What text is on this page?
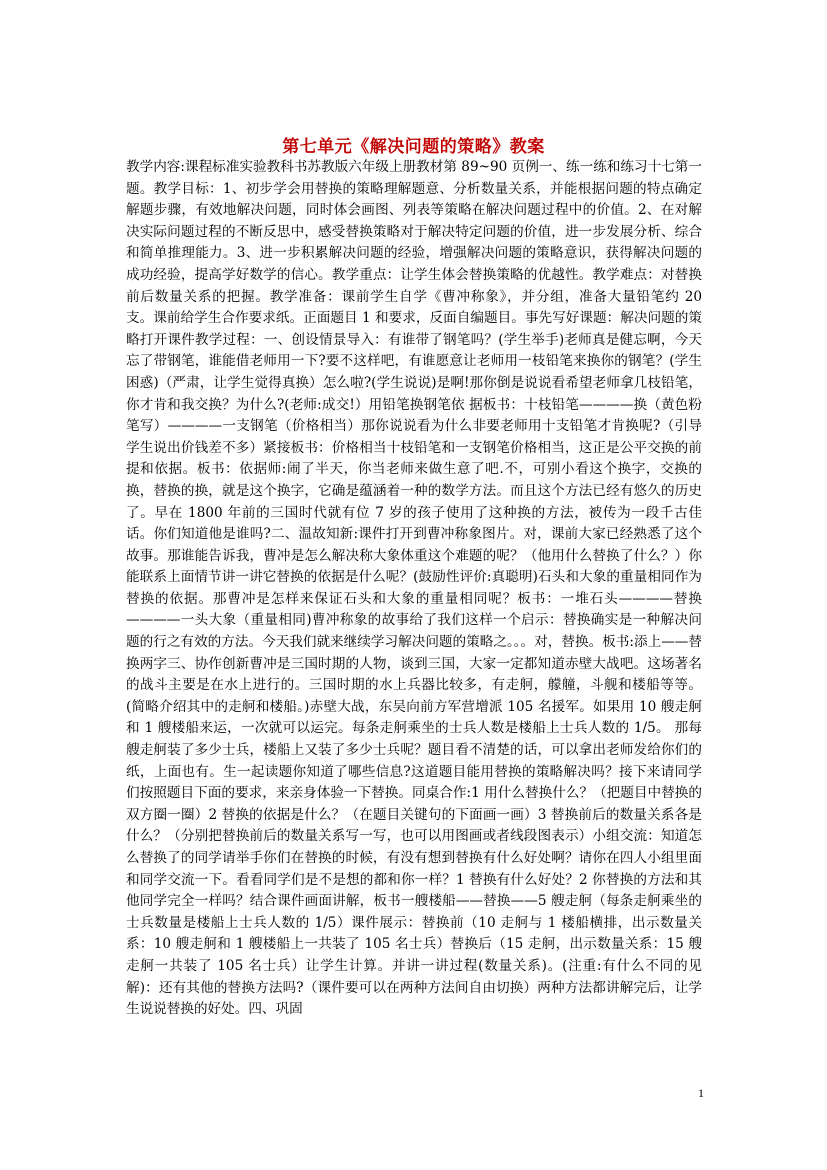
第七单元《解决问题的策略》教案

教学内容:课程标准实验教科书苏教版六年级上册教材第 89~90 页例一、练一练和练习十七第一题。教学目标：1、初步学会用替换的策略理解题意、分析数量关系，并能根据问题的特点确定解题步骤，有效地解决问题，同时体会画图、列表等策略在解决问题过程中的价值。2、在对解决实际问题过程的不断反思中，感受替换策略对于解决特定问题的价值，进一步发展分析、综合和简单推理能力。3、进一步积累解决问题的经验，增强解决问题的策略意识，获得解决问题的成功经验，提高学好数学的信心。教学重点：让学生体会替换策略的优越性。教学难点：对替换前后数量关系的把握。教学准备：课前学生自学《曹冲称象》，并分组，准备大量铅笔约 20 支。课前给学生合作要求纸。正面题目 1 和要求，反面自编题目。事先写好课题：解决问题的策略打开课件教学过程：一、创设情景导入：有谁带了钢笔吗？(学生举手)老师真是健忘啊，今天忘了带钢笔，谁能借老师用一下?要不这样吧，有谁愿意让老师用一枝铅笔来换你的钢笔？(学生困惑)（严肃，让学生觉得真换）怎么啦?(学生说说)是啊!那你倒是说说看希望老师拿几枝铅笔，你才肯和我交换？为什么?(老师:成交!）用铅笔换钢笔依 据板书：十枝铅笔————换（黄色粉笔写）————一支钢笔（价格相当）那你说说看为什么非要老师用十支铅笔才肯换呢?（引导学生说出价钱差不多）紧接板书：价格相当十枝铅笔和一支钢笔价格相当，这正是公平交换的前提和依据。板书：依据师:闹了半天，你当老师来做生意了吧.不，可别小看这个换字，交换的换，替换的换，就是这个换字，它确是蕴涵着一种的数学方法。而且这个方法已经有悠久的历史了。早在 1800 年前的三国时代就有位 7 岁的孩子使用了这种换的方法，被传为一段千古佳话。你们知道他是谁吗?二、温故知新:课件打开到曹冲称象图片。对，课前大家已经熟悉了这个故事。那谁能告诉我，曹冲是怎么解决称大象体重这个难题的呢？（他用什么替换了什么？）你能联系上面情节讲一讲它替换的依据是什么呢？(鼓励性评价:真聪明)石头和大象的重量相同作为替换的依据。那曹冲是怎样来保证石头和大象的重量相同呢？板书：一堆石头————替换————一头大象（重量相同)曹冲称象的故事给了我们这样一个启示：替换确实是一种解决问题的行之有效的方法。今天我们就来继续学习解决问题的策略之。。。对，替换。板书:添上——替换两字三、协作创新曹冲是三国时期的人物，谈到三国，大家一定都知道赤壁大战吧。这场著名的战斗主要是在水上进行的。三国时期的水上兵器比较多，有走舸，艨艟，斗舰和楼船等等。(简略介绍其中的走舸和楼船。)赤壁大战，东吴向前方军营增派 105 名援军。如果用 10 艘走舸和 1 艘楼船来运，一次就可以运完。每条走舸乘坐的士兵人数是楼船上士兵人数的 1/5。 那每艘走舸装了多少士兵，楼船上又装了多少士兵呢？题目看不清楚的话，可以拿出老师发给你们的纸，上面也有。生一起读题你知道了哪些信息?这道题目能用替换的策略解决吗？接下来请同学们按照题目下面的要求，来亲身体验一下替换。同桌合作:1 用什么替换什么？（把题目中替换的双方圈一圈）2 替换的依据是什么？（在题目关键句的下面画一画）3 替换前后的数量关系各是什么？（分别把替换前后的数量关系写一写，也可以用图画或者线段图表示）小组交流：知道怎么替换了的同学请举手你们在替换的时候，有没有想到替换有什么好处啊？请你在四人小组里面和同学交流一下。看看同学们是不是想的都和你一样？1 替换有什么好处？2 你替换的方法和其他同学完全一样吗？结合课件画面讲解，板书一艘楼船——替换——5 艘走舸（每条走舸乘坐的士兵数量是楼船上士兵人数的 1/5）课件展示：替换前（10 走舸与 1 楼船横排，出示数量关系：10 艘走舸和 1 艘楼船上一共装了 105 名士兵）替换后（15 走舸，出示数量关系：15 艘走舸一共装了 105 名士兵）让学生计算。并讲一讲过程(数量关系)。(注重:有什么不同的见解)：还有其他的替换方法吗?（课件要可以在两种方法间自由切换）两种方法都讲解完后，让学生说说替换的好处。四、巩固

1
